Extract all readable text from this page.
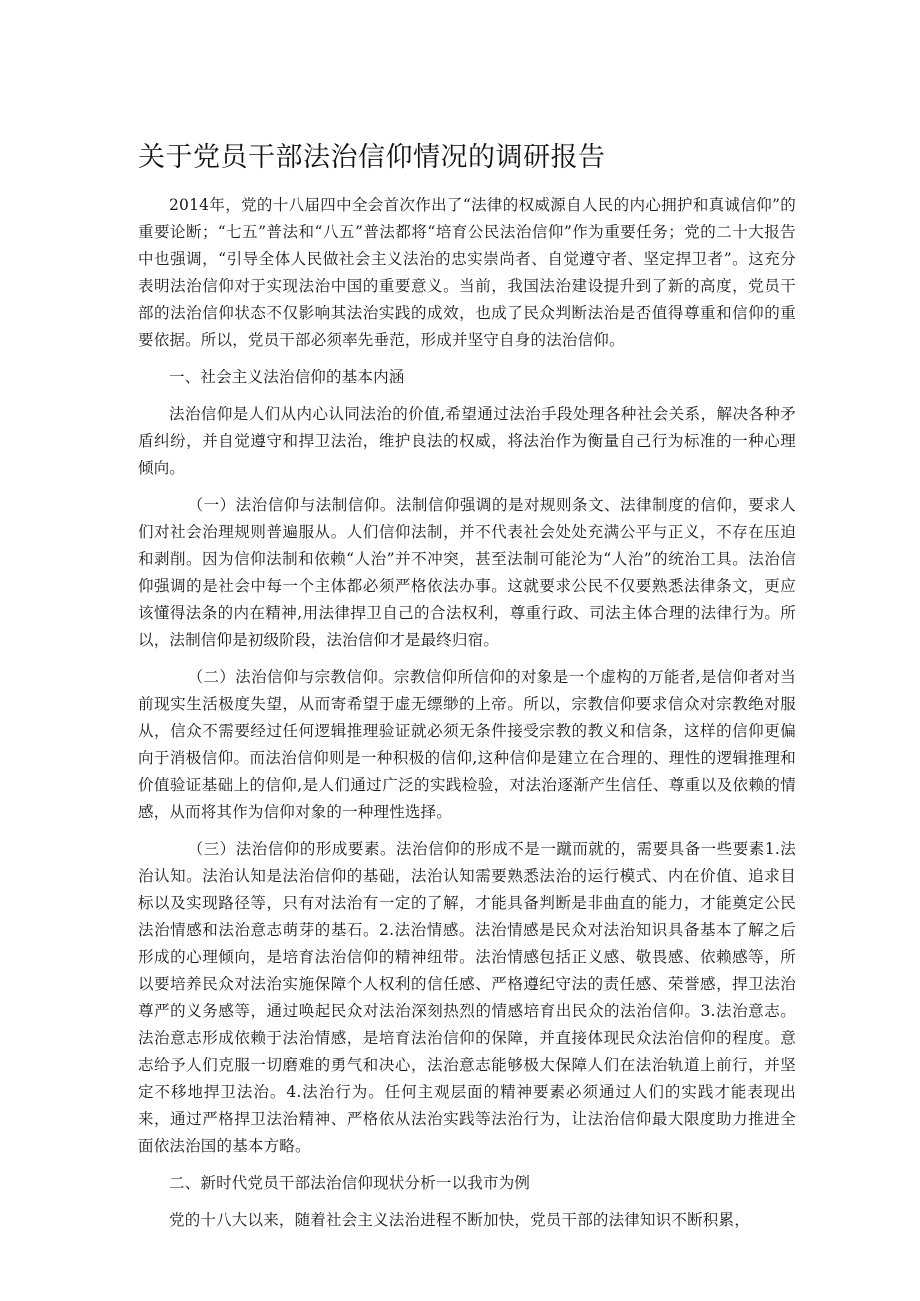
关于党员干部法治信仰情况的调研报告

2014年，党的十八届四中全会首次作出了“法律的权威源自人民的内心拥护和真诚信仰”的重要论断；“七五”普法和“八五”普法都将“培育公民法治信仰”作为重要任务；党的二十大报告中也强调，“引导全体人民做社会主义法治的忠实崇尚者、自觉遵守者、坚定捍卫者”。这充分表明法治信仰对于实现法治中国的重要意义。当前，我国法治建设提升到了新的高度，党员干部的法治信仰状态不仅影响其法治实践的成效，也成了民众判断法治是否值得尊重和信仰的重要依据。所以，党员干部必须率先垂范，形成并坚守自身的法治信仰。

一、社会主义法治信仰的基本内涵

法治信仰是人们从内心认同法治的价值,希望通过法治手段处理各种社会关系，解决各种矛盾纠纷，并自觉遵守和捍卫法治，维护良法的权威，将法治作为衡量自己行为标准的一种心理倾向。

（一）法治信仰与法制信仰。法制信仰强调的是对规则条文、法律制度的信仰，要求人们对社会治理规则普遍服从。人们信仰法制，并不代表社会处处充满公平与正义，不存在压迫和剥削。因为信仰法制和依赖“人治”并不冲突，甚至法制可能沦为“人治”的统治工具。法治信仰强调的是社会中每一个主体都必须严格依法办事。这就要求公民不仅要熟悉法律条文，更应该懂得法条的内在精神,用法律捍卫自己的合法权利，尊重行政、司法主体合理的法律行为。所以，法制信仰是初级阶段，法治信仰才是最终归宿。

（二）法治信仰与宗教信仰。宗教信仰所信仰的对象是一个虚构的万能者,是信仰者对当前现实生活极度失望，从而寄希望于虚无缥缈的上帝。所以，宗教信仰要求信众对宗教绝对服从，信众不需要经过任何逻辑推理验证就必须无条件接受宗教的教义和信条，这样的信仰更偏向于消极信仰。而法治信仰则是一种积极的信仰,这种信仰是建立在合理的、理性的逻辑推理和价值验证基础上的信仰,是人们通过广泛的实践检验，对法治逐渐产生信任、尊重以及依赖的情感，从而将其作为信仰对象的一种理性选择。

（三）法治信仰的形成要素。法治信仰的形成不是一蹴而就的，需要具备一些要素1.法治认知。法治认知是法治信仰的基础，法治认知需要熟悉法治的运行模式、内在价值、追求目标以及实现路径等，只有对法治有一定的了解，才能具备判断是非曲直的能力，才能奠定公民法治情感和法治意志萌芽的基石。2.法治情感。法治情感是民众对法治知识具备基本了解之后形成的心理倾向，是培育法治信仰的精神纽带。法治情感包括正义感、敬畏感、依赖感等，所以要培养民众对法治实施保障个人权利的信任感、严格遵纪守法的责任感、荣誉感，捍卫法治尊严的义务感等，通过唤起民众对法治深刻热烈的情感培育出民众的法治信仰。3.法治意志。法治意志形成依赖于法治情感，是培育法治信仰的保障，并直接体现民众法治信仰的程度。意志给予人们克服一切磨难的勇气和决心，法治意志能够极大保障人们在法治轨道上前行，并坚定不移地捍卫法治。4.法治行为。任何主观层面的精神要素必须通过人们的实践才能表现出来，通过严格捍卫法治精神、严格依从法治实践等法治行为，让法治信仰最大限度助力推进全面依法治国的基本方略。

二、新时代党员干部法治信仰现状分析一以我市为例

党的十八大以来，随着社会主义法治进程不断加快，党员干部的法律知识不断积累，
